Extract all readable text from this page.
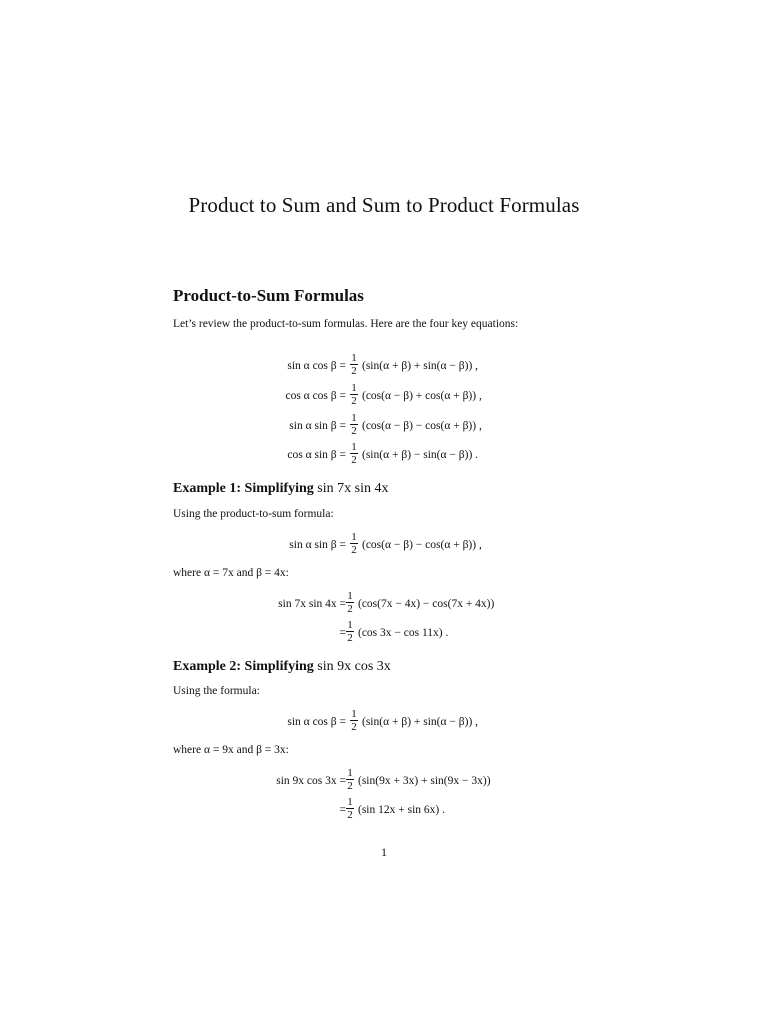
Product to Sum and Sum to Product Formulas
Product-to-Sum Formulas
Let’s review the product-to-sum formulas. Here are the four key equations:
sin α cos β =
1
2 (sin(α + β) + sin(α − β)) ,
cos α cos β =
1
2 (cos(α − β) + cos(α + β)) ,
sin α sin β =
1
2 (cos(α − β) − cos(α + β)) ,
cos α sin β =
1
2 (sin(α + β) − sin(α − β)) .
Example 1: Simplifying sin 7x sin 4x
Using the product-to-sum formula:
sin α sin β =
1
2 (cos(α − β) − cos(α + β)) ,
where α = 7x and β = 4x:
sin 7x sin 4x =
1
2 (cos(7x − 4x) − cos(7x + 4x))
=
1
2 (cos 3x − cos 11x) .
Example 2: Simplifying sin 9x cos 3x
Using the formula:
sin α cos β =
1
2 (sin(α + β) + sin(α − β)) ,
where α = 9x and β = 3x:
sin 9x cos 3x =
1
2 (sin(9x + 3x) + sin(9x − 3x))
=
1
2 (sin 12x + sin 6x) .
1
